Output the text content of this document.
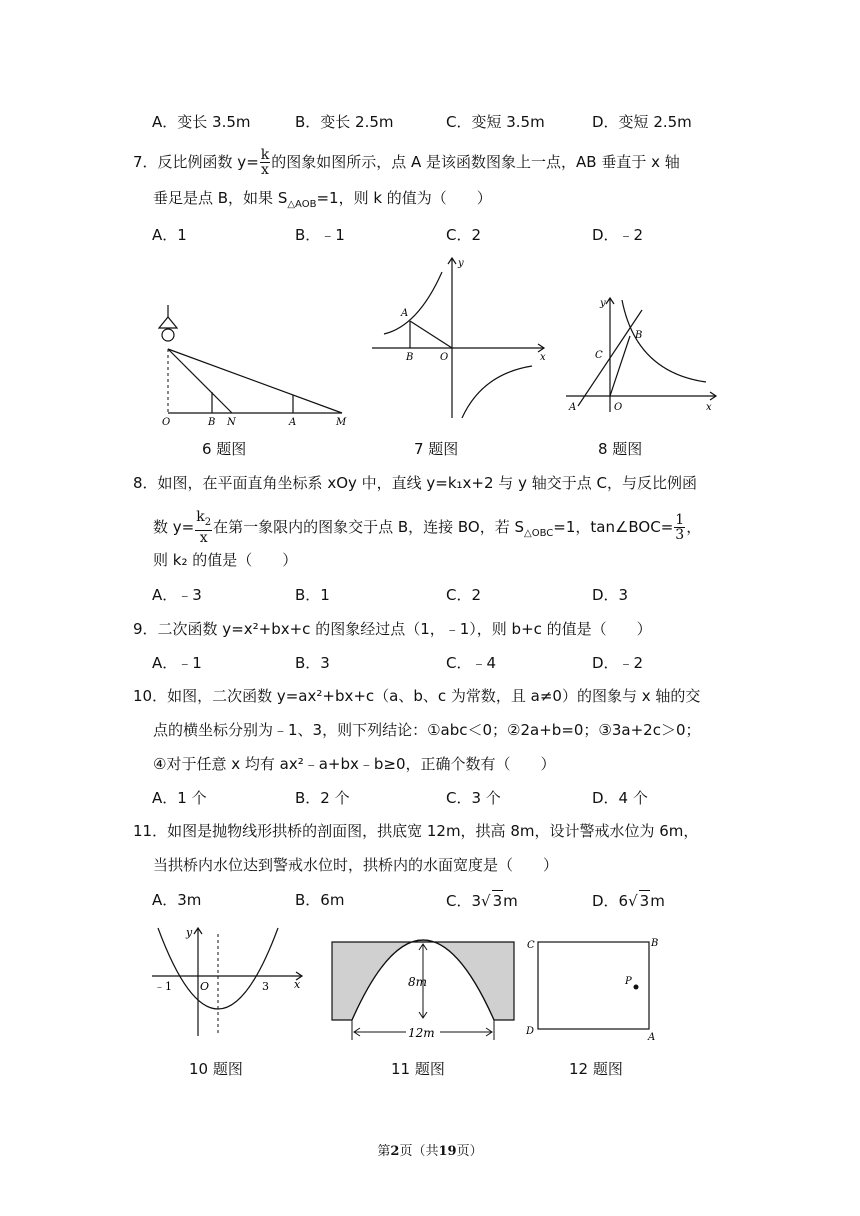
A．变长 3.5m	B．变长 2.5m	C．变短 3.5m	D．变短 2.5m
7．反比例函数 $y= \frac{k}{x}$ 的图象如图所示，点 A 是该函数图象上一点，AB 垂直于 x 轴
垂足是点 B，如果 $S_{\triangle AOB}=1$，则 k 的值为（　　）
A．1	B．﹣1	C．2	D．﹣2
O	B N	A	M
6 题图
y
A
B	O	x
7 题图
y
B
C
A	O	x
8 题图
8．如图，在平面直角坐标系 xOy 中，直线 y=k₁x+2 与 y 轴交于点 C，与反比例函
数 $y= \frac{k_2}{x}$ 在第一象限内的图象交于点 B，连接 BO，若 $S_{\triangle OBC}=1$，tan∠BOC= $\frac{1}{3}$ ，
则 k₂ 的值是（　　）
A．﹣3	B．1	C．2	D．3
9．二次函数 y=x²+bx+c 的图象经过点（1，﹣1），则 b+c 的值是（　　）
A．﹣1	B．3	C．﹣4	D．﹣2
10．如图，二次函数 y=ax²+bx+c（a、b、c 为常数，且 a≠0）的图象与 x 轴的交
点的横坐标分别为﹣1、3，则下列结论：①abc＜0；②2a+b=0；③3a+2c＞0；
④对于任意 x 均有 ax²﹣a+bx﹣b≥0，正确个数有（　　）
A．1 个	B．2 个	C．3 个	D．4 个
11．如图是抛物线形拱桥的剖面图，拱底宽 12m，拱高 8m，设计警戒水位为 6m，
当拱桥内水位达到警戒水位时，拱桥内的水面宽度是（　　）
A．3m	B．6m	C．3√ 3m	D．6√ 3m
y
x
﹣1	O	3
10 题图
8m
12m
11 题图
C	B
P
D
A
12 题图
第2页（共19页）
